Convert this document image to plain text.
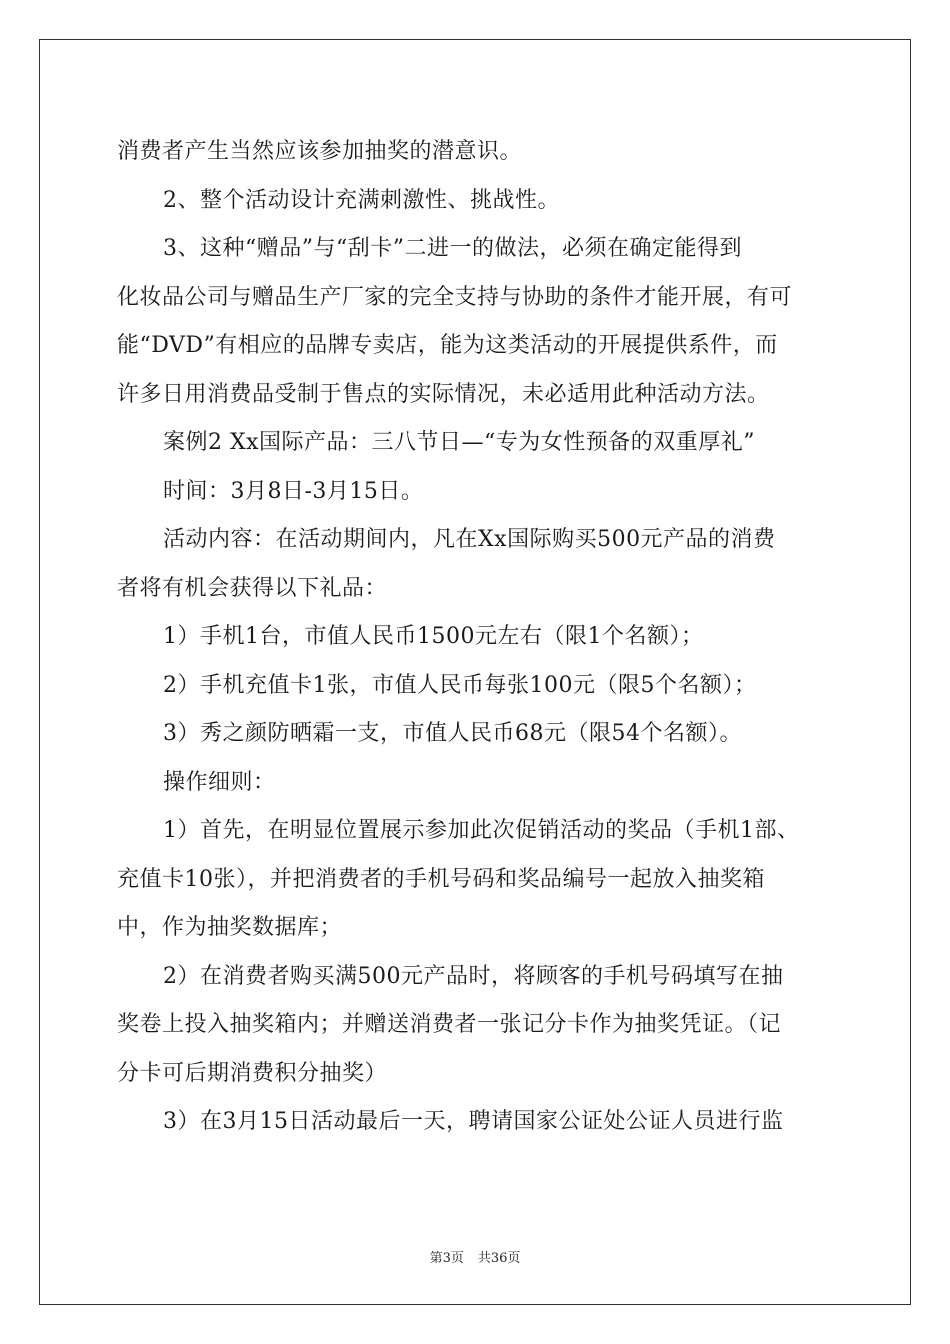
消费者产生当然应该参加抽奖的潜意识。
2、整个活动设计充满刺激性、挑战性。
3、这种“赠品”与“刮卡”二进一的做法，必须在确定能得到
化妆品公司与赠品生产厂家的完全支持与协助的条件才能开展，有可
能“DVD”有相应的品牌专卖店，能为这类活动的开展提供系件，而
许多日用消费品受制于售点的实际情况，未必适用此种活动方法。
案例2 Xx国际产品：三八节日—“专为女性预备的双重厚礼”
时间：3月8日-3月15日。
活动内容：在活动期间内，凡在Xx国际购买500元产品的消费
者将有机会获得以下礼品：
1）手机1台，市值人民币1500元左右（限1个名额）；
2）手机充值卡1张，市值人民币每张100元（限5个名额）；
3）秀之颜防晒霜一支，市值人民币68元（限54个名额）。
操作细则：
1）首先，在明显位置展示参加此次促销活动的奖品（手机1部、
充值卡10张），并把消费者的手机号码和奖品编号一起放入抽奖箱
中，作为抽奖数据库；
2）在消费者购买满500元产品时，将顾客的手机号码填写在抽
奖卷上投入抽奖箱内；并赠送消费者一张记分卡作为抽奖凭证。（记
分卡可后期消费积分抽奖）
3）在3月15日活动最后一天，聘请国家公证处公证人员进行监
第3页 共36页
